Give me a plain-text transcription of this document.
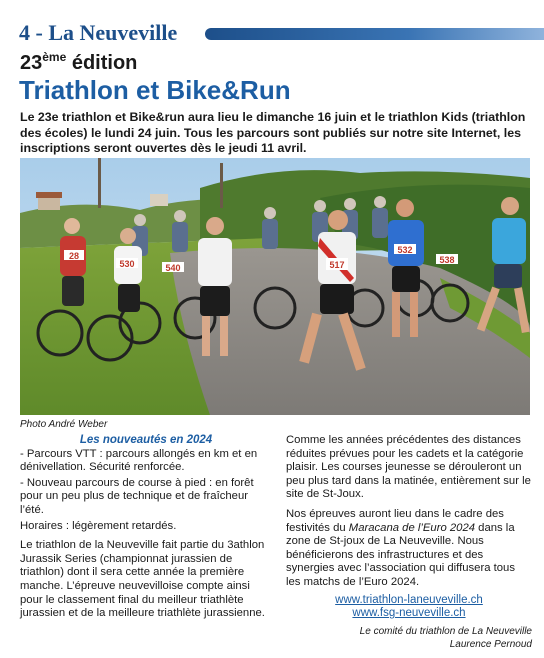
4 - La Neuveville
23ème édition
Triathlon et Bike&Run
Le 23e triathlon et Bike&run aura lieu le dimanche 16 juin et le triathlon Kids (triathlon des écoles) le lundi 24 juin. Tous les parcours sont publiés sur notre site Internet, les inscriptions seront ouvertes dès le jeudi 11 avril.
28
530	517
532
540
538
Photo André Weber
Les nouveautés en 2024
- Parcours VTT : parcours allongés en km et en dénivellation. Sécurité renforcée.
- Nouveau parcours de course à pied : en forêt pour un peu plus de technique et de fraîcheur l’été.
Horaires : légèrement retardés.
Le triathlon de la Neuveville fait partie du 3athlon Jurassik Series (championnat jurassien de triathlon) dont il sera cette année la première manche. L’épreuve neuvevilloise compte ainsi pour le classement final du meilleur triathlète jurassien et de la meilleure triathlète jurassienne.
Comme les années précédentes des distances réduites prévues pour les cadets et la catégorie plaisir. Les courses jeunesse se dérouleront un peu plus tard dans la matinée, entièrement sur le site de St-Joux.
Nos épreuves auront lieu dans le cadre des festivités du Maracana de l’Euro 2024 dans la zone de St-joux de La Neuveville. Nous bénéficierons des infrastructures et des synergies avec l’association qui diffusera tous les matchs de l’Euro 2024.
www.triathlon-laneuveville.ch
www.fsg-neuveville.ch
Le comité du triathlon de La Neuveville
Laurence Pernoud
